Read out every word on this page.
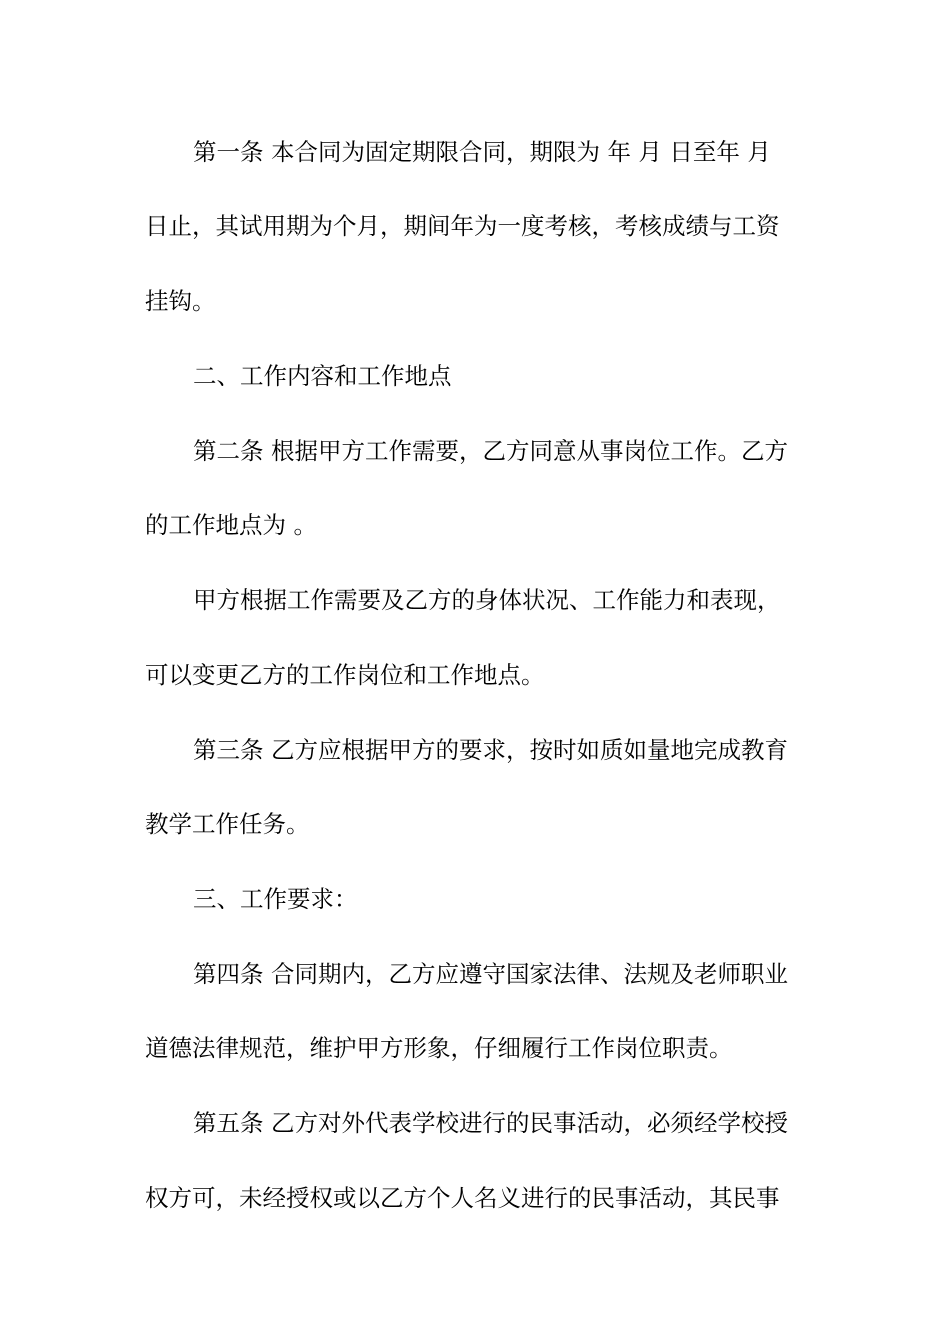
第一条 本合同为固定期限合同，期限为 年 月 日至年 月
日止，其试用期为个月，期间年为一度考核，考核成绩与工资
挂钩。
二、工作内容和工作地点
第二条 根据甲方工作需要，乙方同意从事岗位工作。乙方
的工作地点为 。
甲方根据工作需要及乙方的身体状况、工作能力和表现，
可以变更乙方的工作岗位和工作地点。
第三条 乙方应根据甲方的要求，按时如质如量地完成教育
教学工作任务。
三、工作要求：
第四条 合同期内，乙方应遵守国家法律、法规及老师职业
道德法律规范，维护甲方形象，仔细履行工作岗位职责。
第五条 乙方对外代表学校进行的民事活动，必须经学校授
权方可，未经授权或以乙方个人名义进行的民事活动，其民事
